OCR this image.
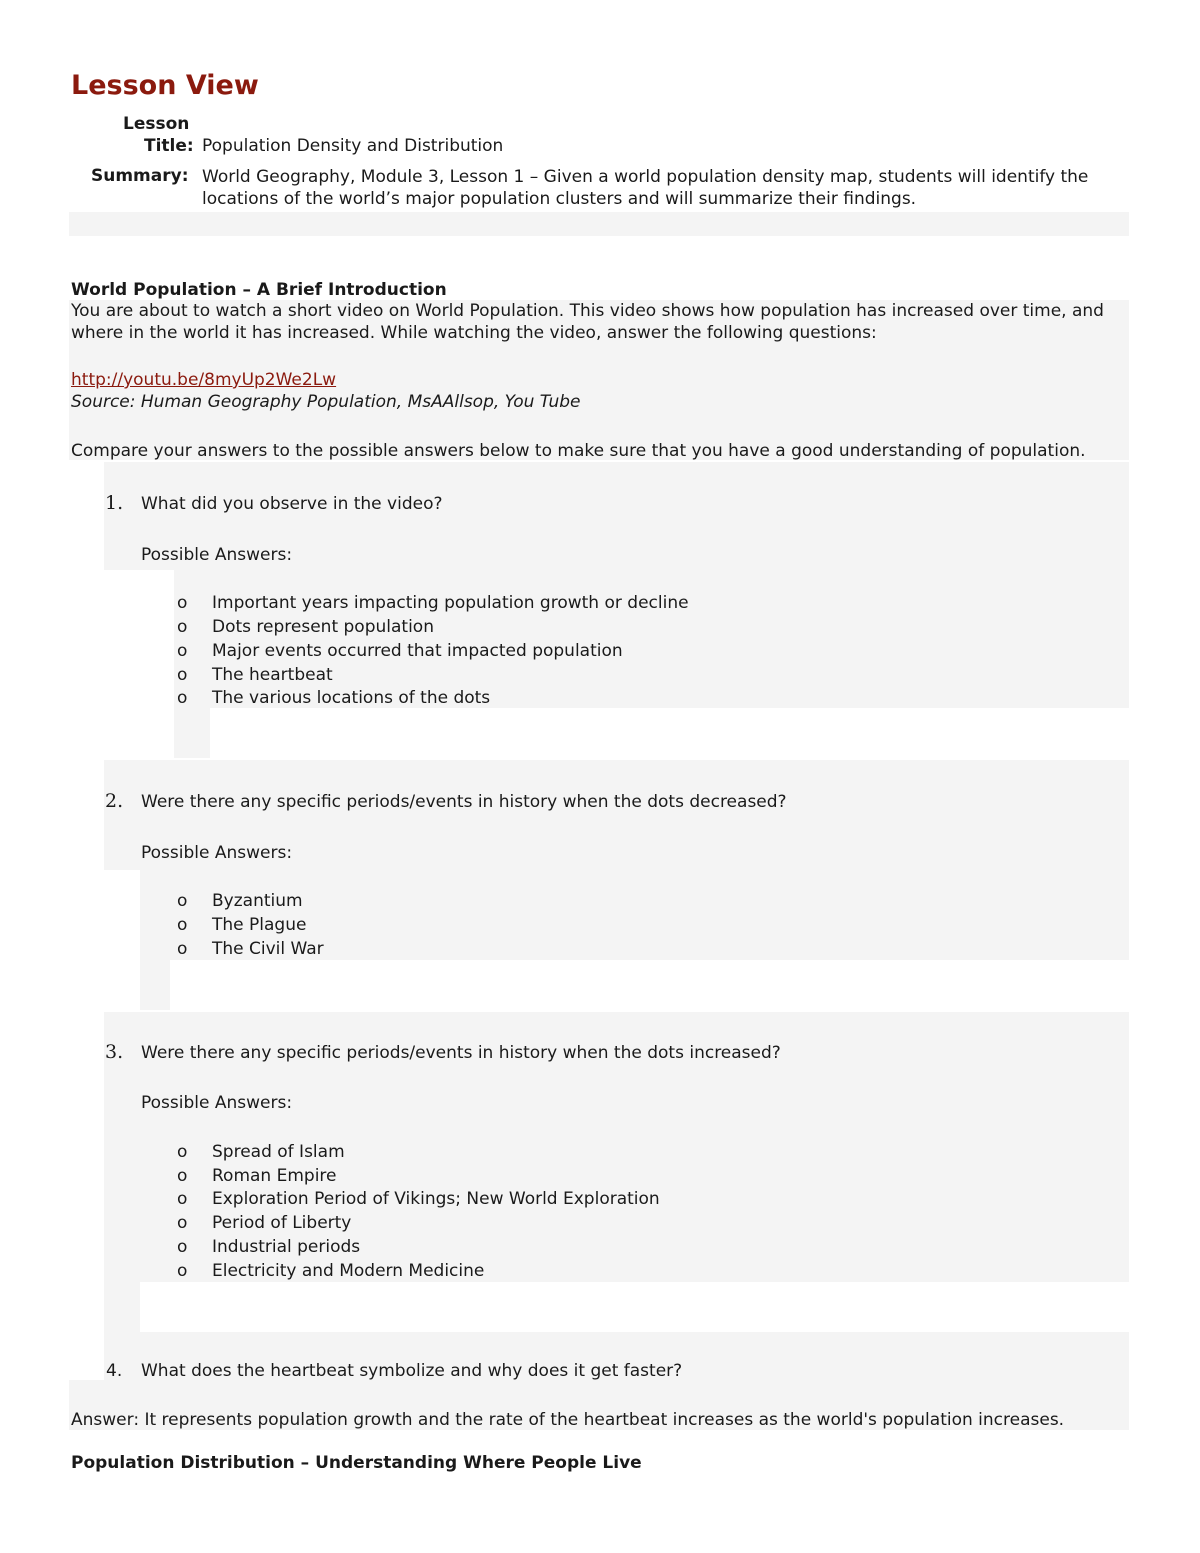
Lesson View
Lesson
Title: Population Density and Distribution
Summary: World Geography, Module 3, Lesson 1 – Given a world population density map, students will identify the locations of the world’s major population clusters and will summarize their findings.
World Population – A Brief Introduction
You are about to watch a short video on World Population. This video shows how population has increased over time, and where in the world it has increased. While watching the video, answer the following questions:
http://youtu.be/8myUp2We2Lw
Source: Human Geography Population, MsAAllsop, You Tube
Compare your answers to the possible answers below to make sure that you have a good understanding of population.
1. What did you observe in the video?
Possible Answers:
o Important years impacting population growth or decline
o Dots represent population
o Major events occurred that impacted population
o The heartbeat
o The various locations of the dots
2. Were there any specific periods/events in history when the dots decreased?
Possible Answers:
o Byzantium
o The Plague
o The Civil War
3. Were there any specific periods/events in history when the dots increased?
Possible Answers:
o Spread of Islam
o Roman Empire
o Exploration Period of Vikings; New World Exploration
o Period of Liberty
o Industrial periods
o Electricity and Modern Medicine
4. What does the heartbeat symbolize and why does it get faster?
Answer: It represents population growth and the rate of the heartbeat increases as the world's population increases.
Population Distribution – Understanding Where People Live
